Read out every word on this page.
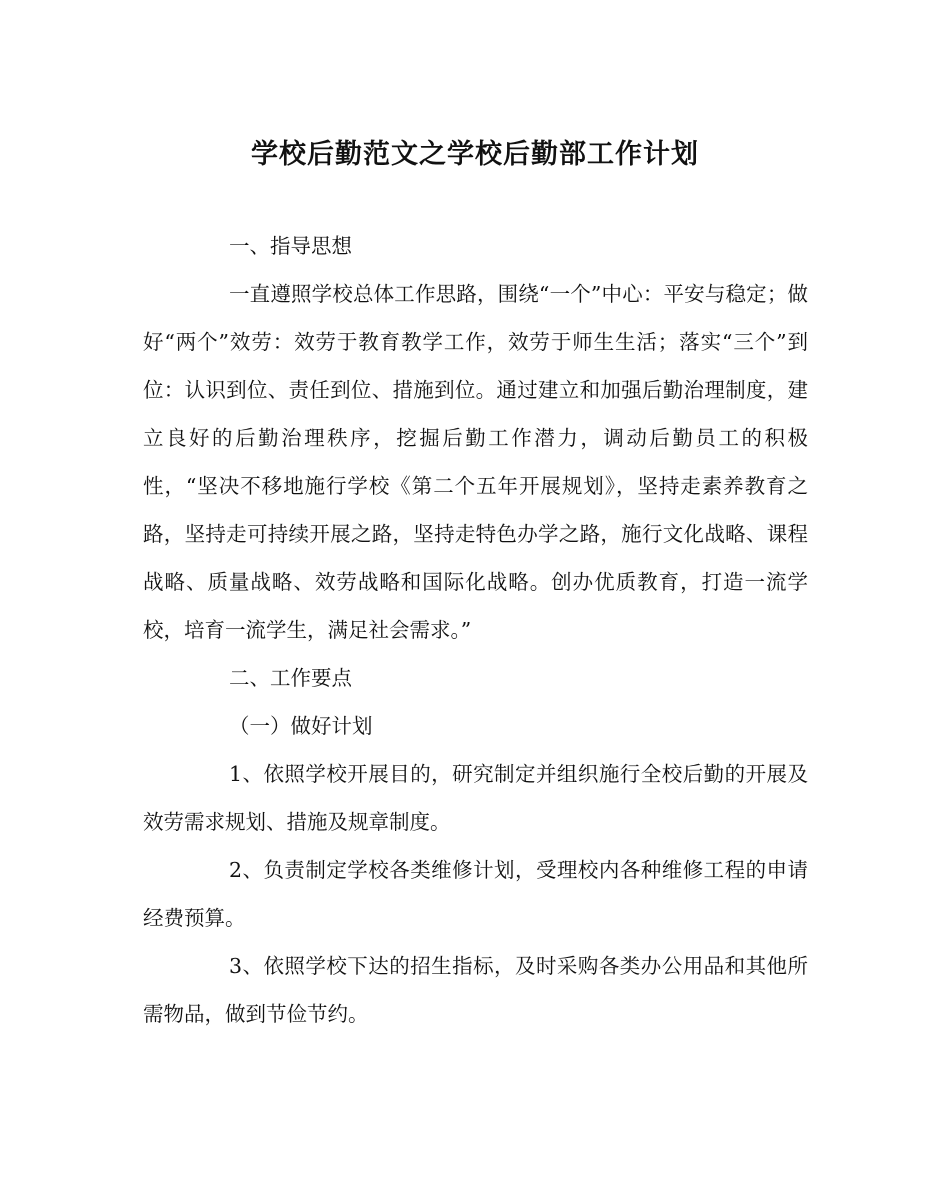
学校后勤范文之学校后勤部工作计划

一、指导思想

一直遵照学校总体工作思路，围绕“一个”中心：平安与稳定；做好“两个”效劳：效劳于教育教学工作，效劳于师生生活；落实“三个”到位：认识到位、责任到位、措施到位。通过建立和加强后勤治理制度，建立良好的后勤治理秩序，挖掘后勤工作潜力，调动后勤员工的积极性，“坚决不移地施行学校《第二个五年开展规划》，坚持走素养教育之路，坚持走可持续开展之路，坚持走特色办学之路，施行文化战略、课程战略、质量战略、效劳战略和国际化战略。创办优质教育，打造一流学校，培育一流学生，满足社会需求。”

二、工作要点

（一）做好计划

1、依照学校开展目的，研究制定并组织施行全校后勤的开展及效劳需求规划、措施及规章制度。

2、负责制定学校各类维修计划，受理校内各种维修工程的申请经费预算。

3、依照学校下达的招生指标，及时采购各类办公用品和其他所需物品，做到节俭节约。
